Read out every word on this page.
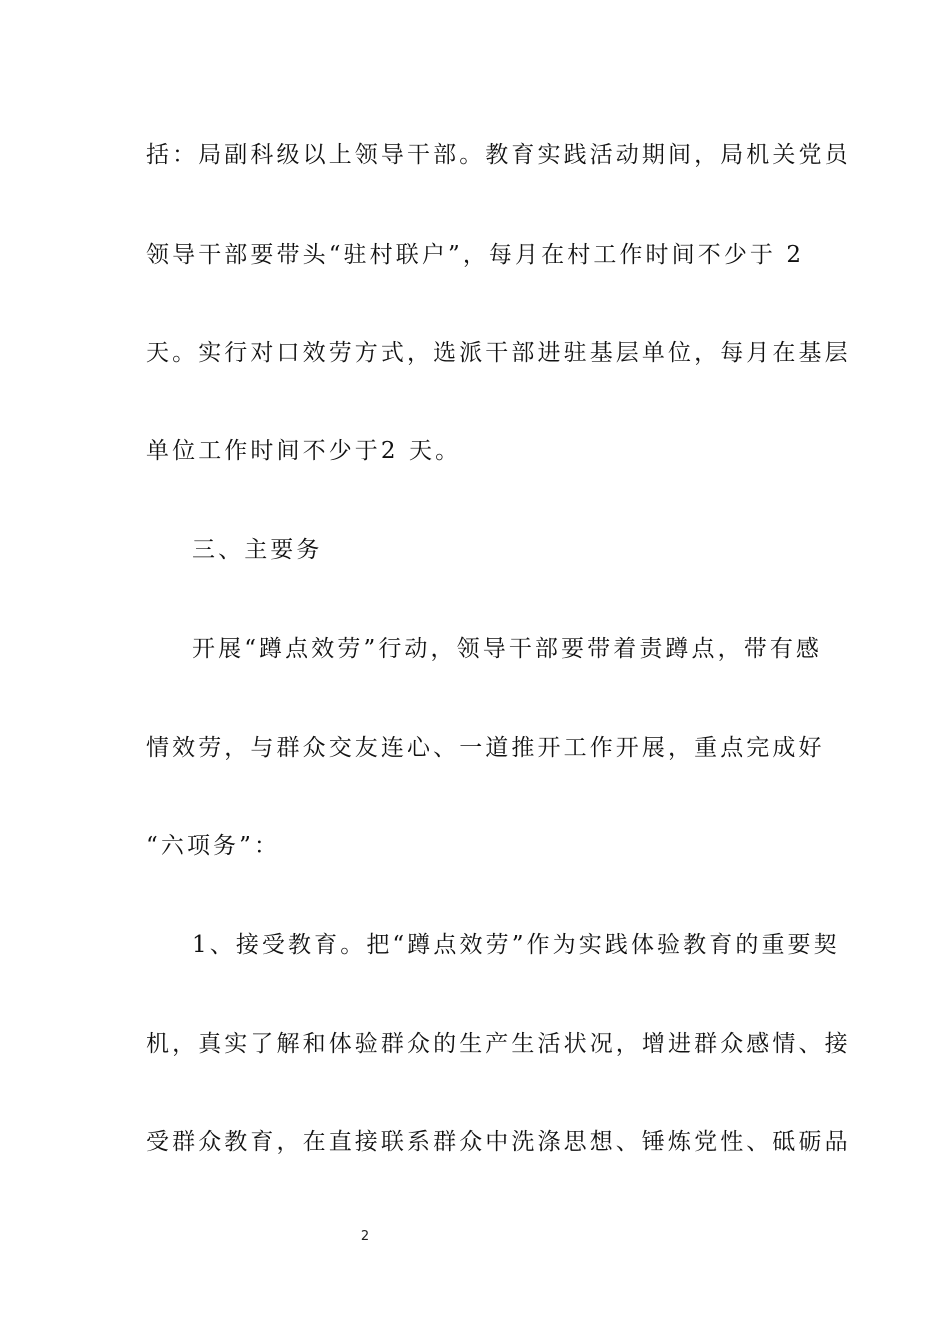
括：局副科级以上领导干部。教育实践活动期间，局机关党员
领导干部要带头“驻村联户”，每月在村工作时间不少于 2
天。实行对口效劳方式，选派干部进驻基层单位，每月在基层
单位工作时间不少于2 天。
三、主要务
开展“蹲点效劳”行动，领导干部要带着责蹲点，带有感
情效劳，与群众交友连心、一道推开工作开展，重点完成好
“六项务”：
1、接受教育。把“蹲点效劳”作为实践体验教育的重要契
机，真实了解和体验群众的生产生活状况，增进群众感情、接
受群众教育，在直接联系群众中洗涤思想、锤炼党性、砥砺品
2
